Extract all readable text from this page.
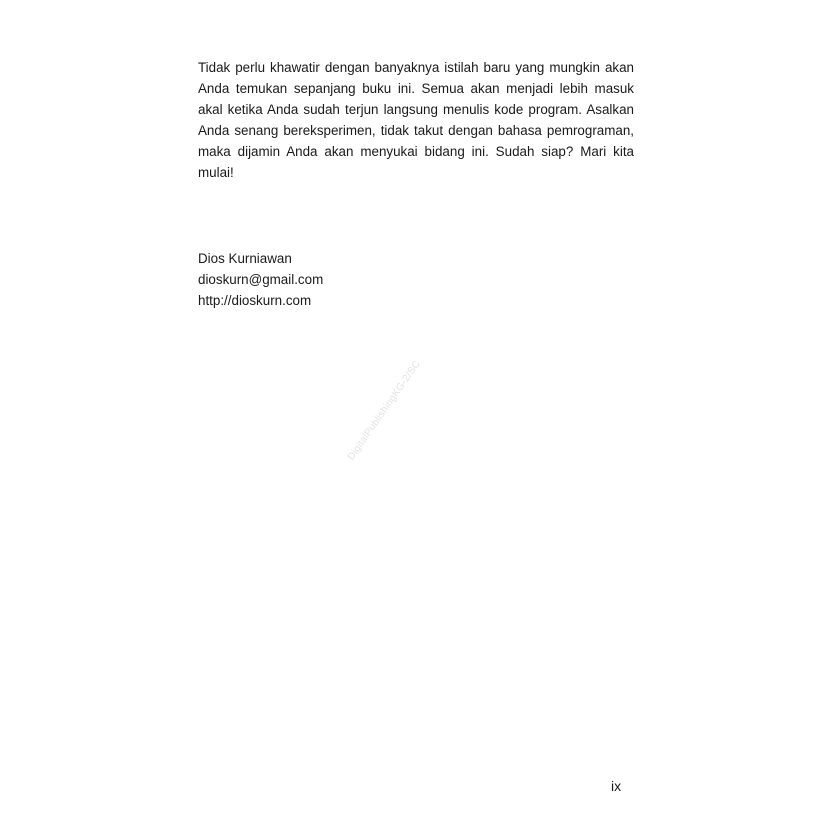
Tidak perlu khawatir dengan banyaknya istilah baru yang mungkin akan Anda temukan sepanjang buku ini. Semua akan menjadi lebih masuk akal ketika Anda sudah terjun langsung menulis kode program. Asalkan Anda senang bereksperimen, tidak takut dengan bahasa pemrograman, maka dijamin Anda akan menyukai bidang ini. Sudah siap? Mari kita mulai!

Dios Kurniawan
dioskurn@gmail.com
http://dioskurn.com
DigitalPublishingKG-2/SC
ix
